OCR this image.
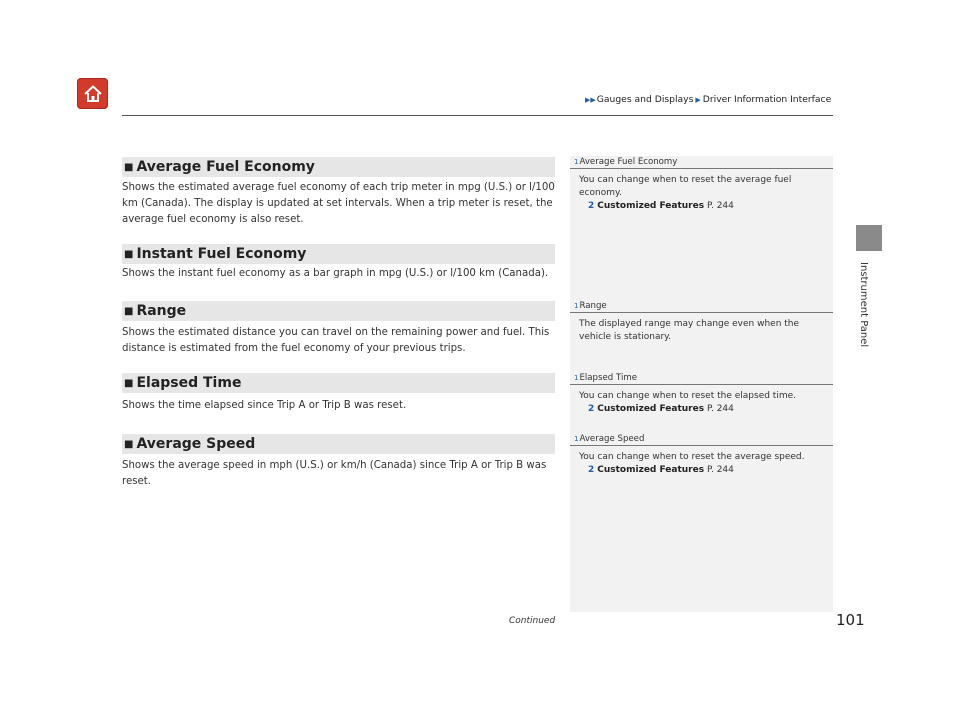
▶▶ Gauges and Displays ▶ Driver Information Interface
Instrument Panel
1Average Fuel Economy
You can change when to reset the average fuel economy.
2 Customized Features P. 244
1Range
The displayed range may change even when the vehicle is stationary.
1Elapsed Time
You can change when to reset the elapsed time.
2 Customized Features P. 244
1Average Speed
You can change when to reset the average speed.
2 Customized Features P. 244
■ Average Fuel Economy

Shows the estimated average fuel economy of each trip meter in mpg (U.S.) or l/100 km (Canada). The display is updated at set intervals. When a trip meter is reset, the average fuel economy is also reset.

■ Instant Fuel Economy

Shows the instant fuel economy as a bar graph in mpg (U.S.) or l/100 km (Canada).

■ Range

Shows the estimated distance you can travel on the remaining power and fuel. This distance is estimated from the fuel economy of your previous trips.

■ Elapsed Time

Shows the time elapsed since Trip A or Trip B was reset.

■ Average Speed

Shows the average speed in mph (U.S.) or km/h (Canada) since Trip A or Trip B was reset.

Continued	101
